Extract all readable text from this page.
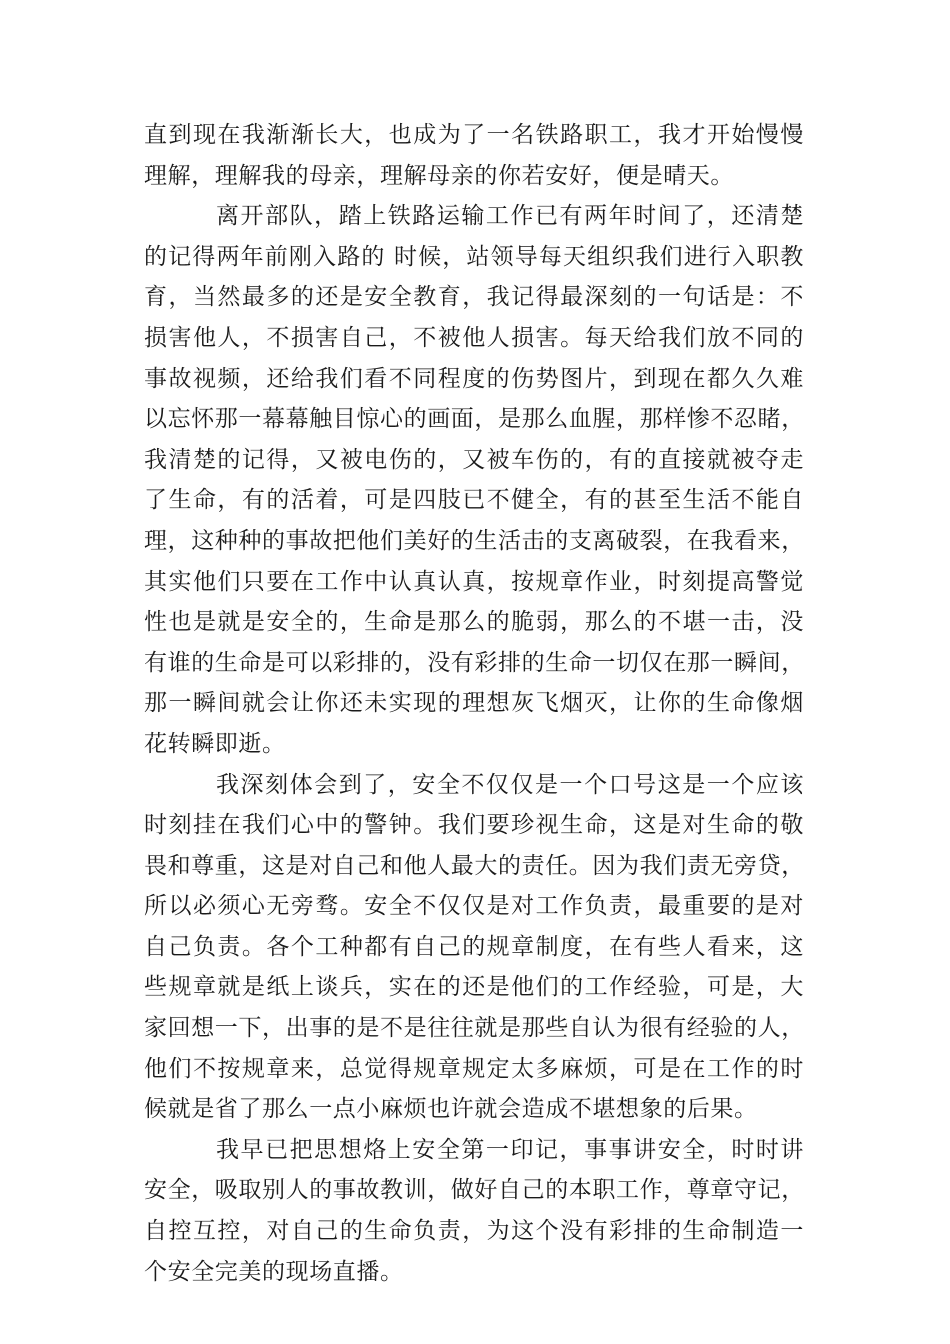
直到现在我渐渐长大，也成为了一名铁路职工，我才开始慢慢
理解，理解我的母亲，理解母亲的你若安好，便是晴天。
离开部队，踏上铁路运输工作已有两年时间了，还清楚
的记得两年前刚入路的 时候，站领导每天组织我们进行入职教
育，当然最多的还是安全教育，我记得最深刻的一句话是：不
损害他人，不损害自己，不被他人损害。每天给我们放不同的
事故视频，还给我们看不同程度的伤势图片，到现在都久久难
以忘怀那一幕幕触目惊心的画面，是那么血腥，那样惨不忍睹，
我清楚的记得，又被电伤的，又被车伤的，有的直接就被夺走
了生命，有的活着，可是四肢已不健全，有的甚至生活不能自
理，这种种的事故把他们美好的生活击的支离破裂，在我看来，
其实他们只要在工作中认真认真，按规章作业，时刻提高警觉
性也是就是安全的，生命是那么的脆弱，那么的不堪一击，没
有谁的生命是可以彩排的，没有彩排的生命一切仅在那一瞬间，
那一瞬间就会让你还未实现的理想灰飞烟灭，让你的生命像烟
花转瞬即逝。
我深刻体会到了，安全不仅仅是一个口号这是一个应该
时刻挂在我们心中的警钟。我们要珍视生命，这是对生命的敬
畏和尊重，这是对自己和他人最大的责任。因为我们责无旁贷，
所以必须心无旁骛。安全不仅仅是对工作负责，最重要的是对
自己负责。各个工种都有自己的规章制度，在有些人看来，这
些规章就是纸上谈兵，实在的还是他们的工作经验，可是，大
家回想一下，出事的是不是往往就是那些自认为很有经验的人，
他们不按规章来，总觉得规章规定太多麻烦，可是在工作的时
候就是省了那么一点小麻烦也许就会造成不堪想象的后果。
我早已把思想烙上安全第一印记，事事讲安全，时时讲
安全，吸取别人的事故教训，做好自己的本职工作，尊章守记，
自控互控，对自己的生命负责，为这个没有彩排的生命制造一
个安全完美的现场直播。
